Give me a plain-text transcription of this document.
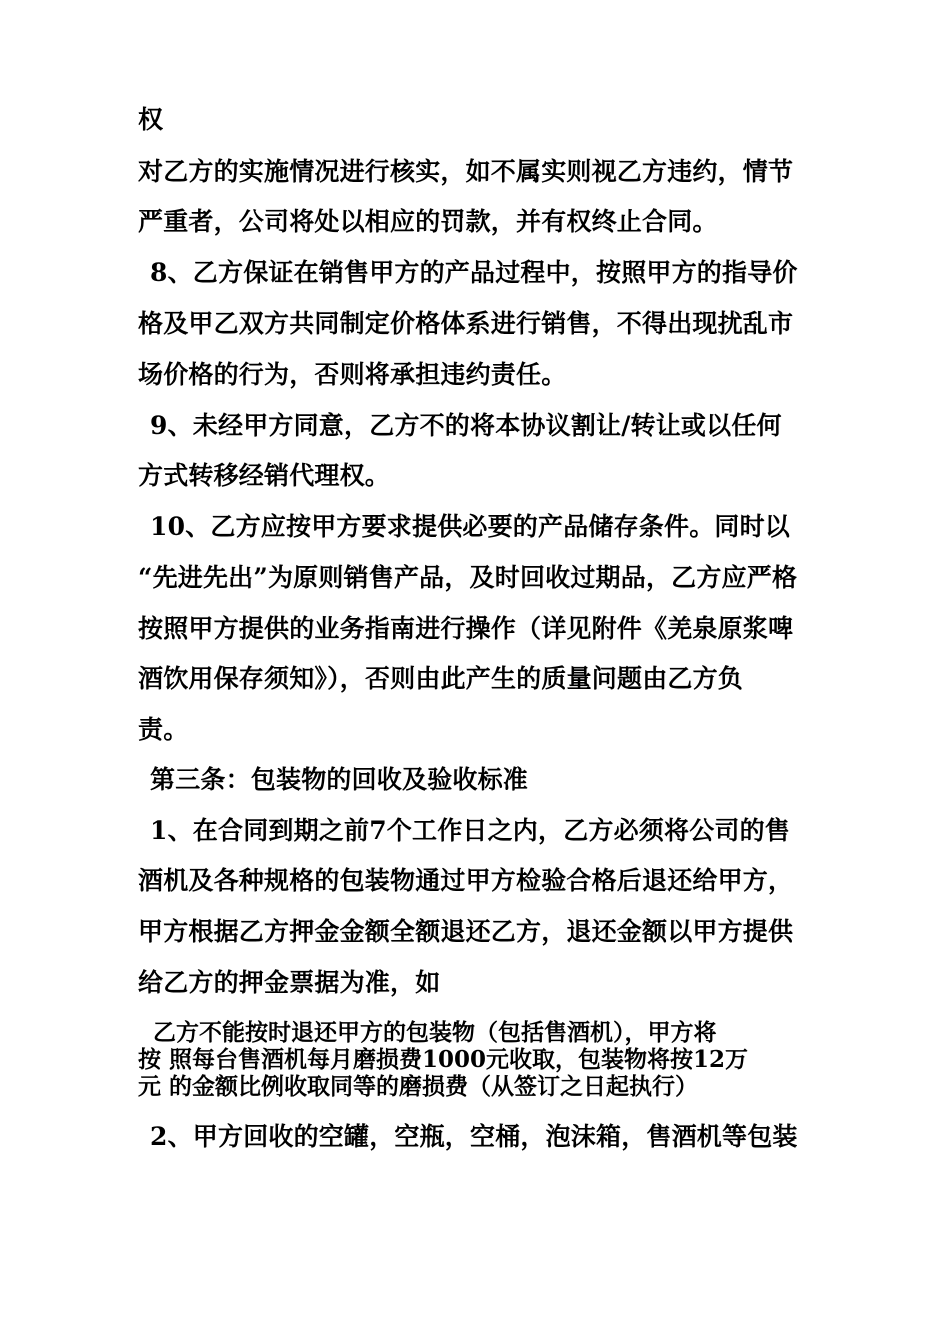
权
对乙方的实施情况进行核实，如不属实则视乙方违约，情节
严重者，公司将处以相应的罚款，并有权终止合同。
8、乙方保证在销售甲方的产品过程中，按照甲方的指导价
格及甲乙双方共同制定价格体系进行销售，不得出现扰乱市
场价格的行为，否则将承担违约责任。
9、未经甲方同意，乙方不的将本协议割让/转让或以任何
方式转移经销代理权。
10、乙方应按甲方要求提供必要的产品储存条件。同时以
“先进先出”为原则销售产品，及时回收过期品，乙方应严格
按照甲方提供的业务指南进行操作（详见附件《羌泉原浆啤
酒饮用保存须知》），否则由此产生的质量问题由乙方负
责。
第三条：包装物的回收及验收标准
1、在合同到期之前7个工作日之内，乙方必须将公司的售
酒机及各种规格的包装物通过甲方检验合格后退还给甲方，
甲方根据乙方押金金额全额退还乙方，退还金额以甲方提供
给乙方的押金票据为准，如
乙方不能按时退还甲方的包装物（包括售酒机），甲方将
按 照每台售酒机每月磨损费1000元收取，包装物将按12万
元 的金额比例收取同等的磨损费（从签订之日起执行）
2、甲方回收的空罐，空瓶，空桶，泡沫箱，售酒机等包装
